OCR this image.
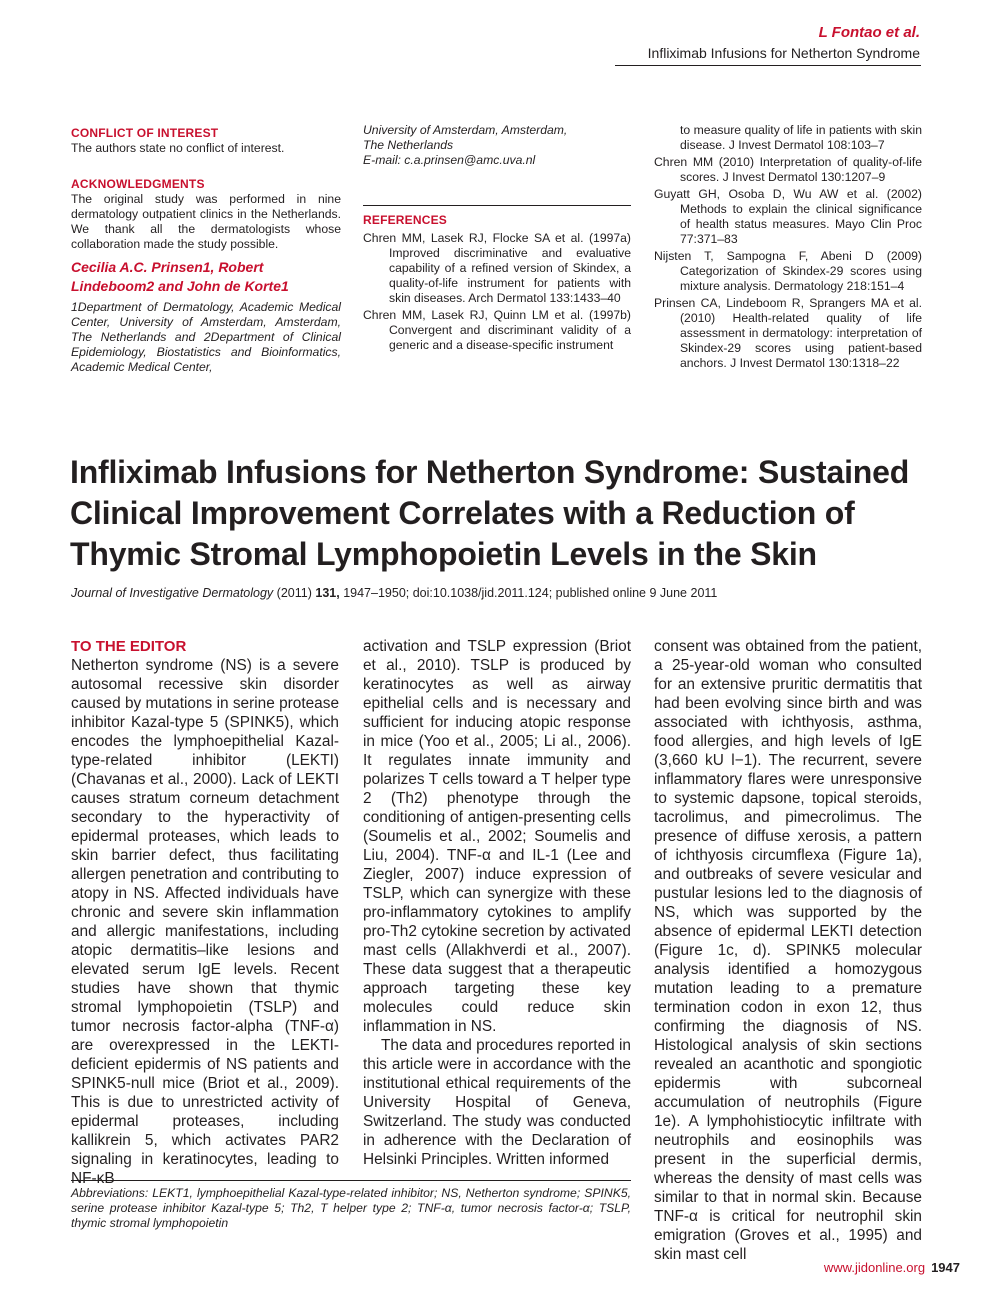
L Fontao et al.
Infliximab Infusions for Netherton Syndrome

CONFLICT OF INTEREST

The authors state no conflict of interest.

ACKNOWLEDGMENTS

The original study was performed in nine dermatology outpatient clinics in the Netherlands. We thank all the dermatologists whose collaboration made the study possible.

Cecilia A.C. Prinsen1, Robert Lindeboom2 and John de Korte1

1Department of Dermatology, Academic Medical Center, University of Amsterdam, Amsterdam, The Netherlands and 2Department of Clinical Epidemiology, Biostatistics and Bioinformatics, Academic Medical Center,

University of Amsterdam, Amsterdam,

The Netherlands

E-mail: c.a.prinsen@amc.uva.nl

REFERENCES

Chren MM, Lasek RJ, Flocke SA et al. (1997a) Improved discriminative and evaluative capability of a refined version of Skindex, a quality-of-life instrument for patients with skin diseases. Arch Dermatol 133:1433–40

Chren MM, Lasek RJ, Quinn LM et al. (1997b) Convergent and discriminant validity of a generic and a disease-specific instrument

to measure quality of life in patients with skin disease. J Invest Dermatol 108:103–7

Chren MM (2010) Interpretation of quality-of-life scores. J Invest Dermatol 130:1207–9

Guyatt GH, Osoba D, Wu AW et al. (2002) Methods to explain the clinical significance of health status measures. Mayo Clin Proc 77:371–83

Nijsten T, Sampogna F, Abeni D (2009) Categorization of Skindex-29 scores using mixture analysis. Dermatology 218:151–4

Prinsen CA, Lindeboom R, Sprangers MA et al. (2010) Health-related quality of life assessment in dermatology: interpretation of Skindex-29 scores using patient-based anchors. J Invest Dermatol 130:1318–22

Infliximab Infusions for Netherton Syndrome: Sustained Clinical Improvement Correlates with a Reduction of Thymic Stromal Lymphopoietin Levels in the Skin
Journal of Investigative Dermatology (2011) 131, 1947–1950; doi:10.1038/jid.2011.124; published online 9 June 2011
TO THE EDITOR

Netherton syndrome (NS) is a severe autosomal recessive skin disorder caused by mutations in serine protease inhibitor Kazal-type 5 (SPINK5), which encodes the lymphoepithelial Kazal-type-related inhibitor (LEKTI) (Chavanas et al., 2000). Lack of LEKTI causes stratum corneum detachment secondary to the hyperactivity of epidermal proteases, which leads to skin barrier defect, thus facilitating allergen penetration and contributing to atopy in NS. Affected individuals have chronic and severe skin inflammation and allergic manifestations, including atopic dermatitis–like lesions and elevated serum IgE levels. Recent studies have shown that thymic stromal lymphopoietin (TSLP) and tumor necrosis factor-alpha (TNF-α) are overexpressed in the LEKTI-deficient epidermis of NS patients and SPINK5-null mice (Briot et al., 2009). This is due to unrestricted activity of epidermal proteases, including kallikrein 5, which activates PAR2 signaling in keratinocytes, leading to NF-κB

activation and TSLP expression (Briot et al., 2010). TSLP is produced by keratinocytes as well as airway epithelial cells and is necessary and sufficient for inducing atopic response in mice (Yoo et al., 2005; Li al., 2006). It regulates innate immunity and polarizes T cells toward a T helper type 2 (Th2) phenotype through the conditioning of antigen-presenting cells (Soumelis et al., 2002; Soumelis and Liu, 2004). TNF-α and IL-1 (Lee and Ziegler, 2007) induce expression of TSLP, which can synergize with these pro-inflammatory cytokines to amplify pro-Th2 cytokine secretion by activated mast cells (Allakhverdi et al., 2007). These data suggest that a therapeutic approach targeting these key molecules could reduce skin inflammation in NS.

The data and procedures reported in this article were in accordance with the institutional ethical requirements of the University Hospital of Geneva, Switzerland. The study was conducted in adherence with the Declaration of Helsinki Principles. Written informed

consent was obtained from the patient, a 25-year-old woman who consulted for an extensive pruritic dermatitis that had been evolving since birth and was associated with ichthyosis, asthma, food allergies, and high levels of IgE (3,660 kU l−1). The recurrent, severe inflammatory flares were unresponsive to systemic dapsone, topical steroids, tacrolimus, and pimecrolimus. The presence of diffuse xerosis, a pattern of ichthyosis circumflexa (Figure 1a), and outbreaks of severe vesicular and pustular lesions led to the diagnosis of NS, which was supported by the absence of epidermal LEKTI detection (Figure 1c, d). SPINK5 molecular analysis identified a homozygous mutation leading to a premature termination codon in exon 12, thus confirming the diagnosis of NS. Histological analysis of skin sections revealed an acanthotic and spongiotic epidermis with subcorneal accumulation of neutrophils (Figure 1e). A lymphohistiocytic infiltrate with neutrophils and eosinophils was present in the superficial dermis, whereas the density of mast cells was similar to that in normal skin. Because TNF-α is critical for neutrophil skin emigration (Groves et al., 1995) and skin mast cell

Abbreviations: LEKT1, lymphoepithelial Kazal-type-related inhibitor; NS, Netherton syndrome; SPINK5, serine protease inhibitor Kazal-type 5; Th2, T helper type 2; TNF-α, tumor necrosis factor-α; TSLP, thymic stromal lymphopoietin
www.jidonline.org 1947
